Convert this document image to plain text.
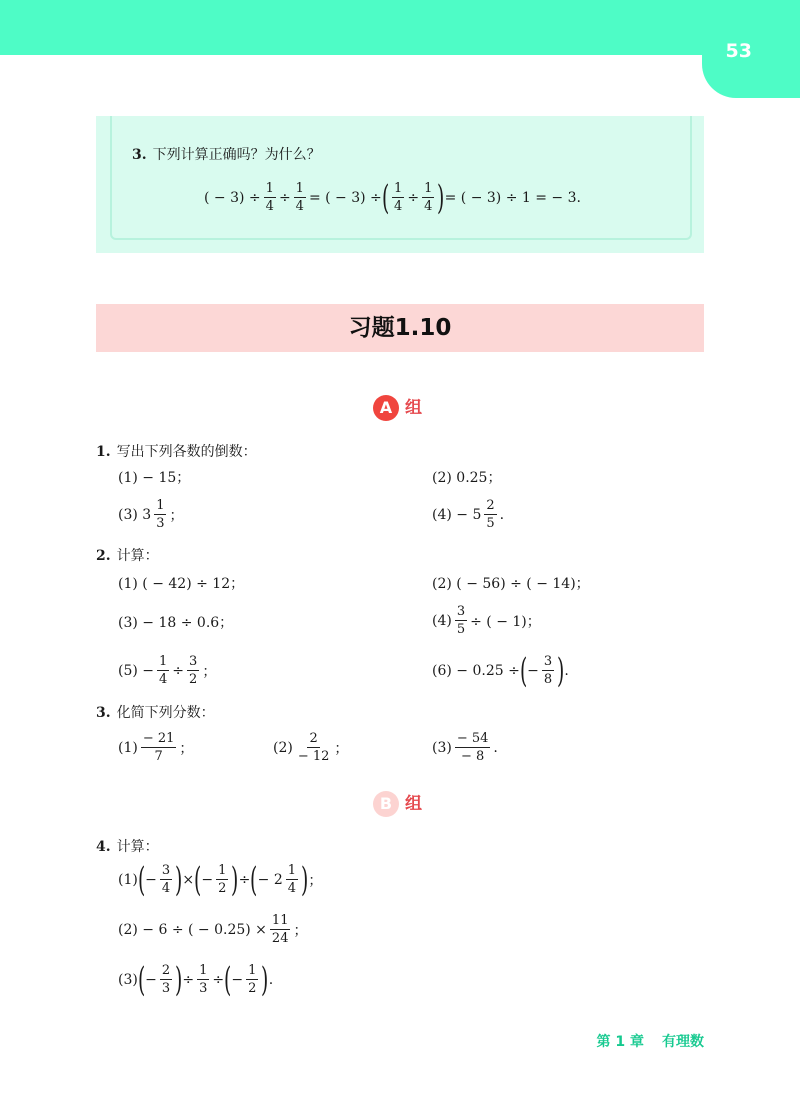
53
3. 下列计算正确吗？为什么？
( − $3) \div \frac{1}{4} \div \frac{1}{4}$ = ( − 3) ÷ ( $\frac{1}{4} \div \frac{1}{4}$ ) = ( − 3) ÷ 1 = − 3.
习题1.10
A 组
1. 写出下列各数的倒数：
(1) − 15；	(2) 0.25；
(3) $3 \frac{1}{3}$ ；	$(4) - 5 \frac{2}{5}$ .
2. 计算：
(1) ( − 42) ÷ 12；	(2) ( − 56) ÷ ( − 14)；
(3) − 18 ÷ 0.6；	$(4) \frac{3}{5}$ ÷ ( − 1)；
$(5) - \frac{1}{4} \div \frac{3}{2}$ ；	(6) − 0.25 ÷ ( − $\frac{3}{8}$ ) .
3. 化简下列分数：
$(1) \frac{- 21}{7}$ ；	$(2) \frac{2}{- 12}$ ；	$(3) \frac{- 54}{- 8}$ .
B 组
4. 计算：
(1) ( − $\frac{3}{4}$ ) × ( − $\frac{1}{2}$ ) ÷ ( − $2 \frac{1}{4}$ ) ；
(2) − 6 ÷ ( − $0.25) \times \frac{11}{24}$ ；
(3) ( − $\frac{2}{3}$ ) ÷ $\frac{1}{3}$ ÷ ( − $\frac{1}{2}$ ) .
第 1 章 有理数
